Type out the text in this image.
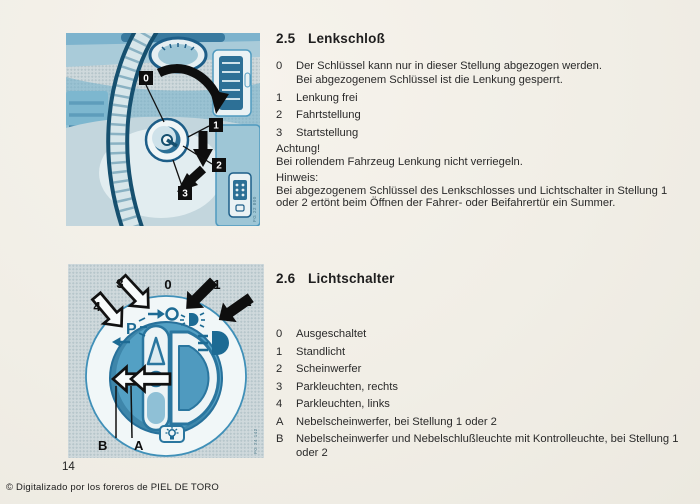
0
1
2
3
FG 22 800
P
B A
0	1
2
3
4
FG 24 142
2.5 Lenkschloß
0	Der Schlüssel kann nur in dieser Stellung abgezogen werden.
Bei abgezogenem Schlüssel ist die Lenkung gesperrt.
1	Lenkung frei
2	Fahrtstellung
3	Startstellung
Achtung!
Bei rollendem Fahrzeug Lenkung nicht verriegeln.
Hinweis:
Bei abgezogenem Schlüssel des Lenkschlosses und Lichtschalter in Stellung 1
oder 2 ertönt beim Öffnen der Fahrer- oder Beifahrertür ein Summer.
2.6 Lichtschalter
0	Ausgeschaltet
1	Standlicht
2	Scheinwerfer
3	Parkleuchten, rechts
4	Parkleuchten, links
A	Nebelscheinwerfer, bei Stellung 1 oder 2
B	Nebelscheinwerfer und Nebelschlußleuchte mit Kontrolleuchte, bei Stellung 1
oder 2
14
© Digitalizado por los foreros de PIEL DE TORO
